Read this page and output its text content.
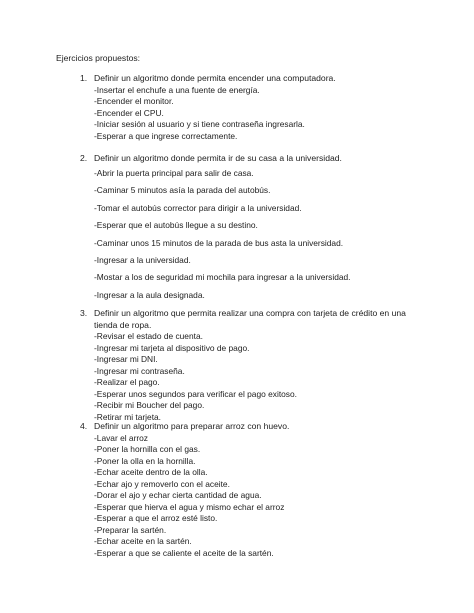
Ejercicios propuestos:
1. Definir un algoritmo donde permita encender una computadora.
-Insertar el enchufe a una fuente de energía.
-Encender el monitor.
-Encender el CPU.
-Iniciar sesión al usuario y si tiene contraseña ingresarla.
-Esperar a que ingrese correctamente.
2. Definir un algoritmo donde permita ir de su casa a la universidad.
-Abrir la puerta principal para salir de casa.
-Caminar 5 minutos asía la parada del autobús.
-Tomar el autobús corrector para dirigir a la universidad.
-Esperar que el autobús llegue a su destino.
-Caminar unos 15 minutos de la parada de bus asta la universidad.
-Ingresar a la universidad.
-Mostar a los de seguridad mi mochila para ingresar a la universidad.
-Ingresar a la aula designada.
3. Definir un algoritmo que permita realizar una compra con tarjeta de crédito en una tienda de ropa.
-Revisar el estado de cuenta.
-Ingresar mi tarjeta al dispositivo de pago.
-Ingresar mi DNI.
-Ingresar mi contraseña.
-Realizar el pago.
-Esperar unos segundos para verificar el pago exitoso.
-Recibir mi Boucher del pago.
-Retirar mi tarjeta.
4. Definir un algoritmo para preparar arroz con huevo.
-Lavar el arroz
-Poner la hornilla con el gas.
-Poner la olla en la hornilla.
-Echar aceite dentro de la olla.
-Echar ajo y removerlo con el aceite.
-Dorar el ajo y echar cierta cantidad de agua.
-Esperar que hierva el agua y mismo echar el arroz
-Esperar a que el arroz esté listo.
-Preparar la sartén.
-Echar aceite en la sartén.
-Esperar a que se caliente el aceite de la sartén.
